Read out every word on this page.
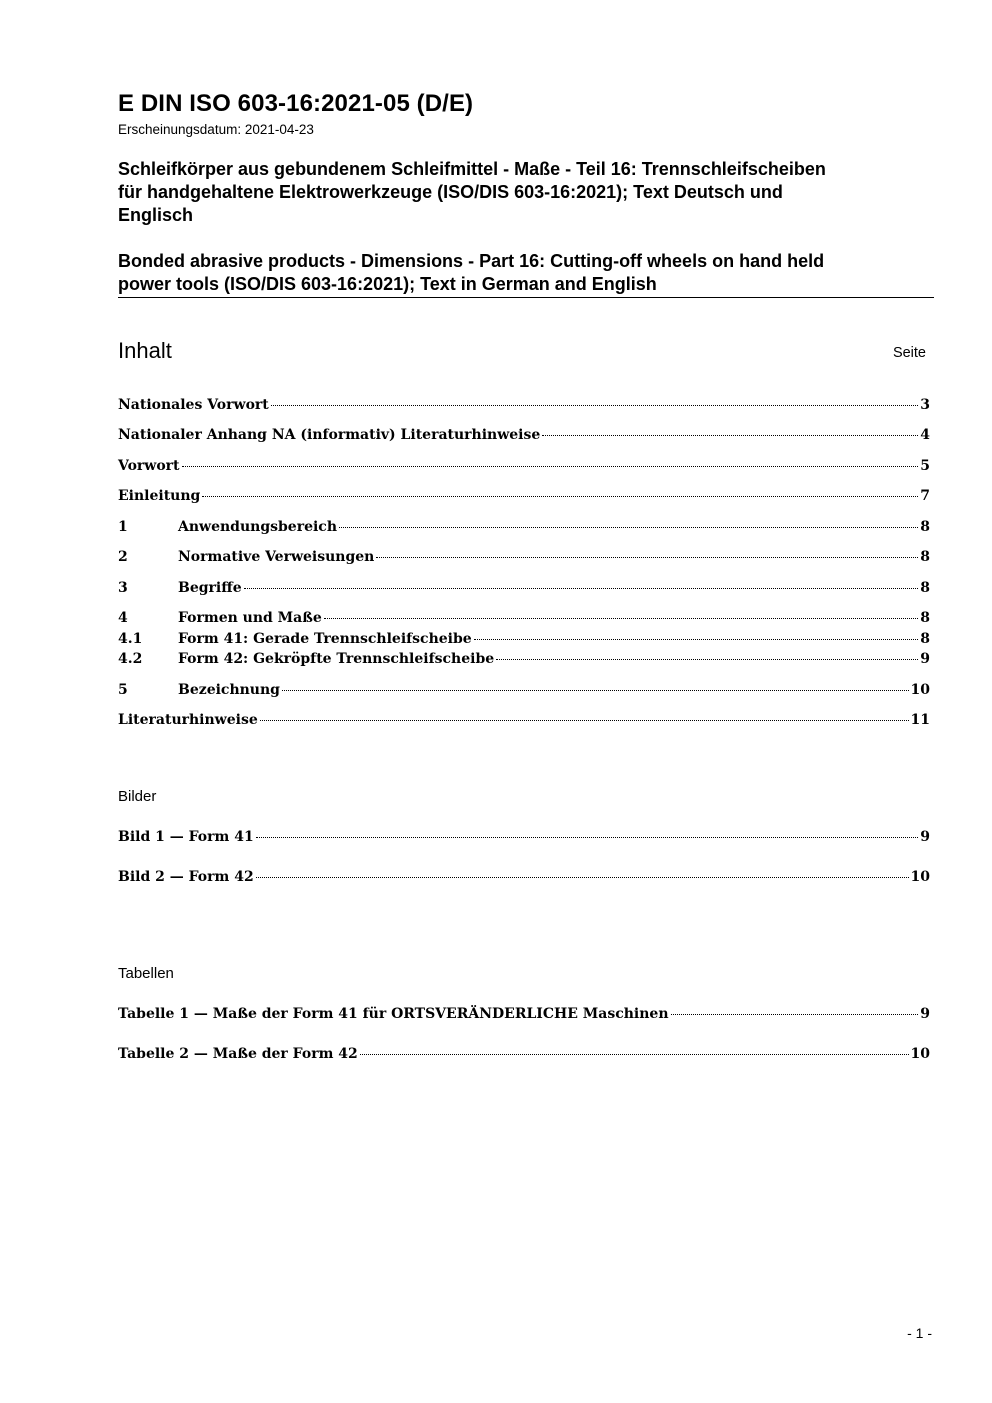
E DIN ISO 603-16:2021-05 (D/E)
Erscheinungsdatum: 2021-04-23
Schleifkörper aus gebundenem Schleifmittel - Maße - Teil 16: Trennschleifscheiben
für handgehaltene Elektrowerkzeuge (ISO/DIS 603-16:2021); Text Deutsch und
Englisch
Bonded abrasive products - Dimensions - Part 16: Cutting-off wheels on hand held
power tools (ISO/DIS 603-16:2021); Text in German and English
Inhalt	Seite
Nationales Vorwort	3
Nationaler Anhang NA (informativ) Literaturhinweise	4
Vorwort	5
Einleitung	7
1	Anwendungsbereich	8
2	Normative Verweisungen	8
3	Begriffe	8
4	Formen und Maße	8
4.1	Form 41: Gerade Trennschleifscheibe	8
4.2	Form 42: Gekröpfte Trennschleifscheibe	9
5	Bezeichnung	10
Literaturhinweise	11
Bilder
Bild 1 — Form 41	9
Bild 2 — Form 42	10
Tabellen
Tabelle 1 — Maße der Form 41 für ORTSVERÄNDERLICHE Maschinen	9
Tabelle 2 — Maße der Form 42	10
- 1 -
